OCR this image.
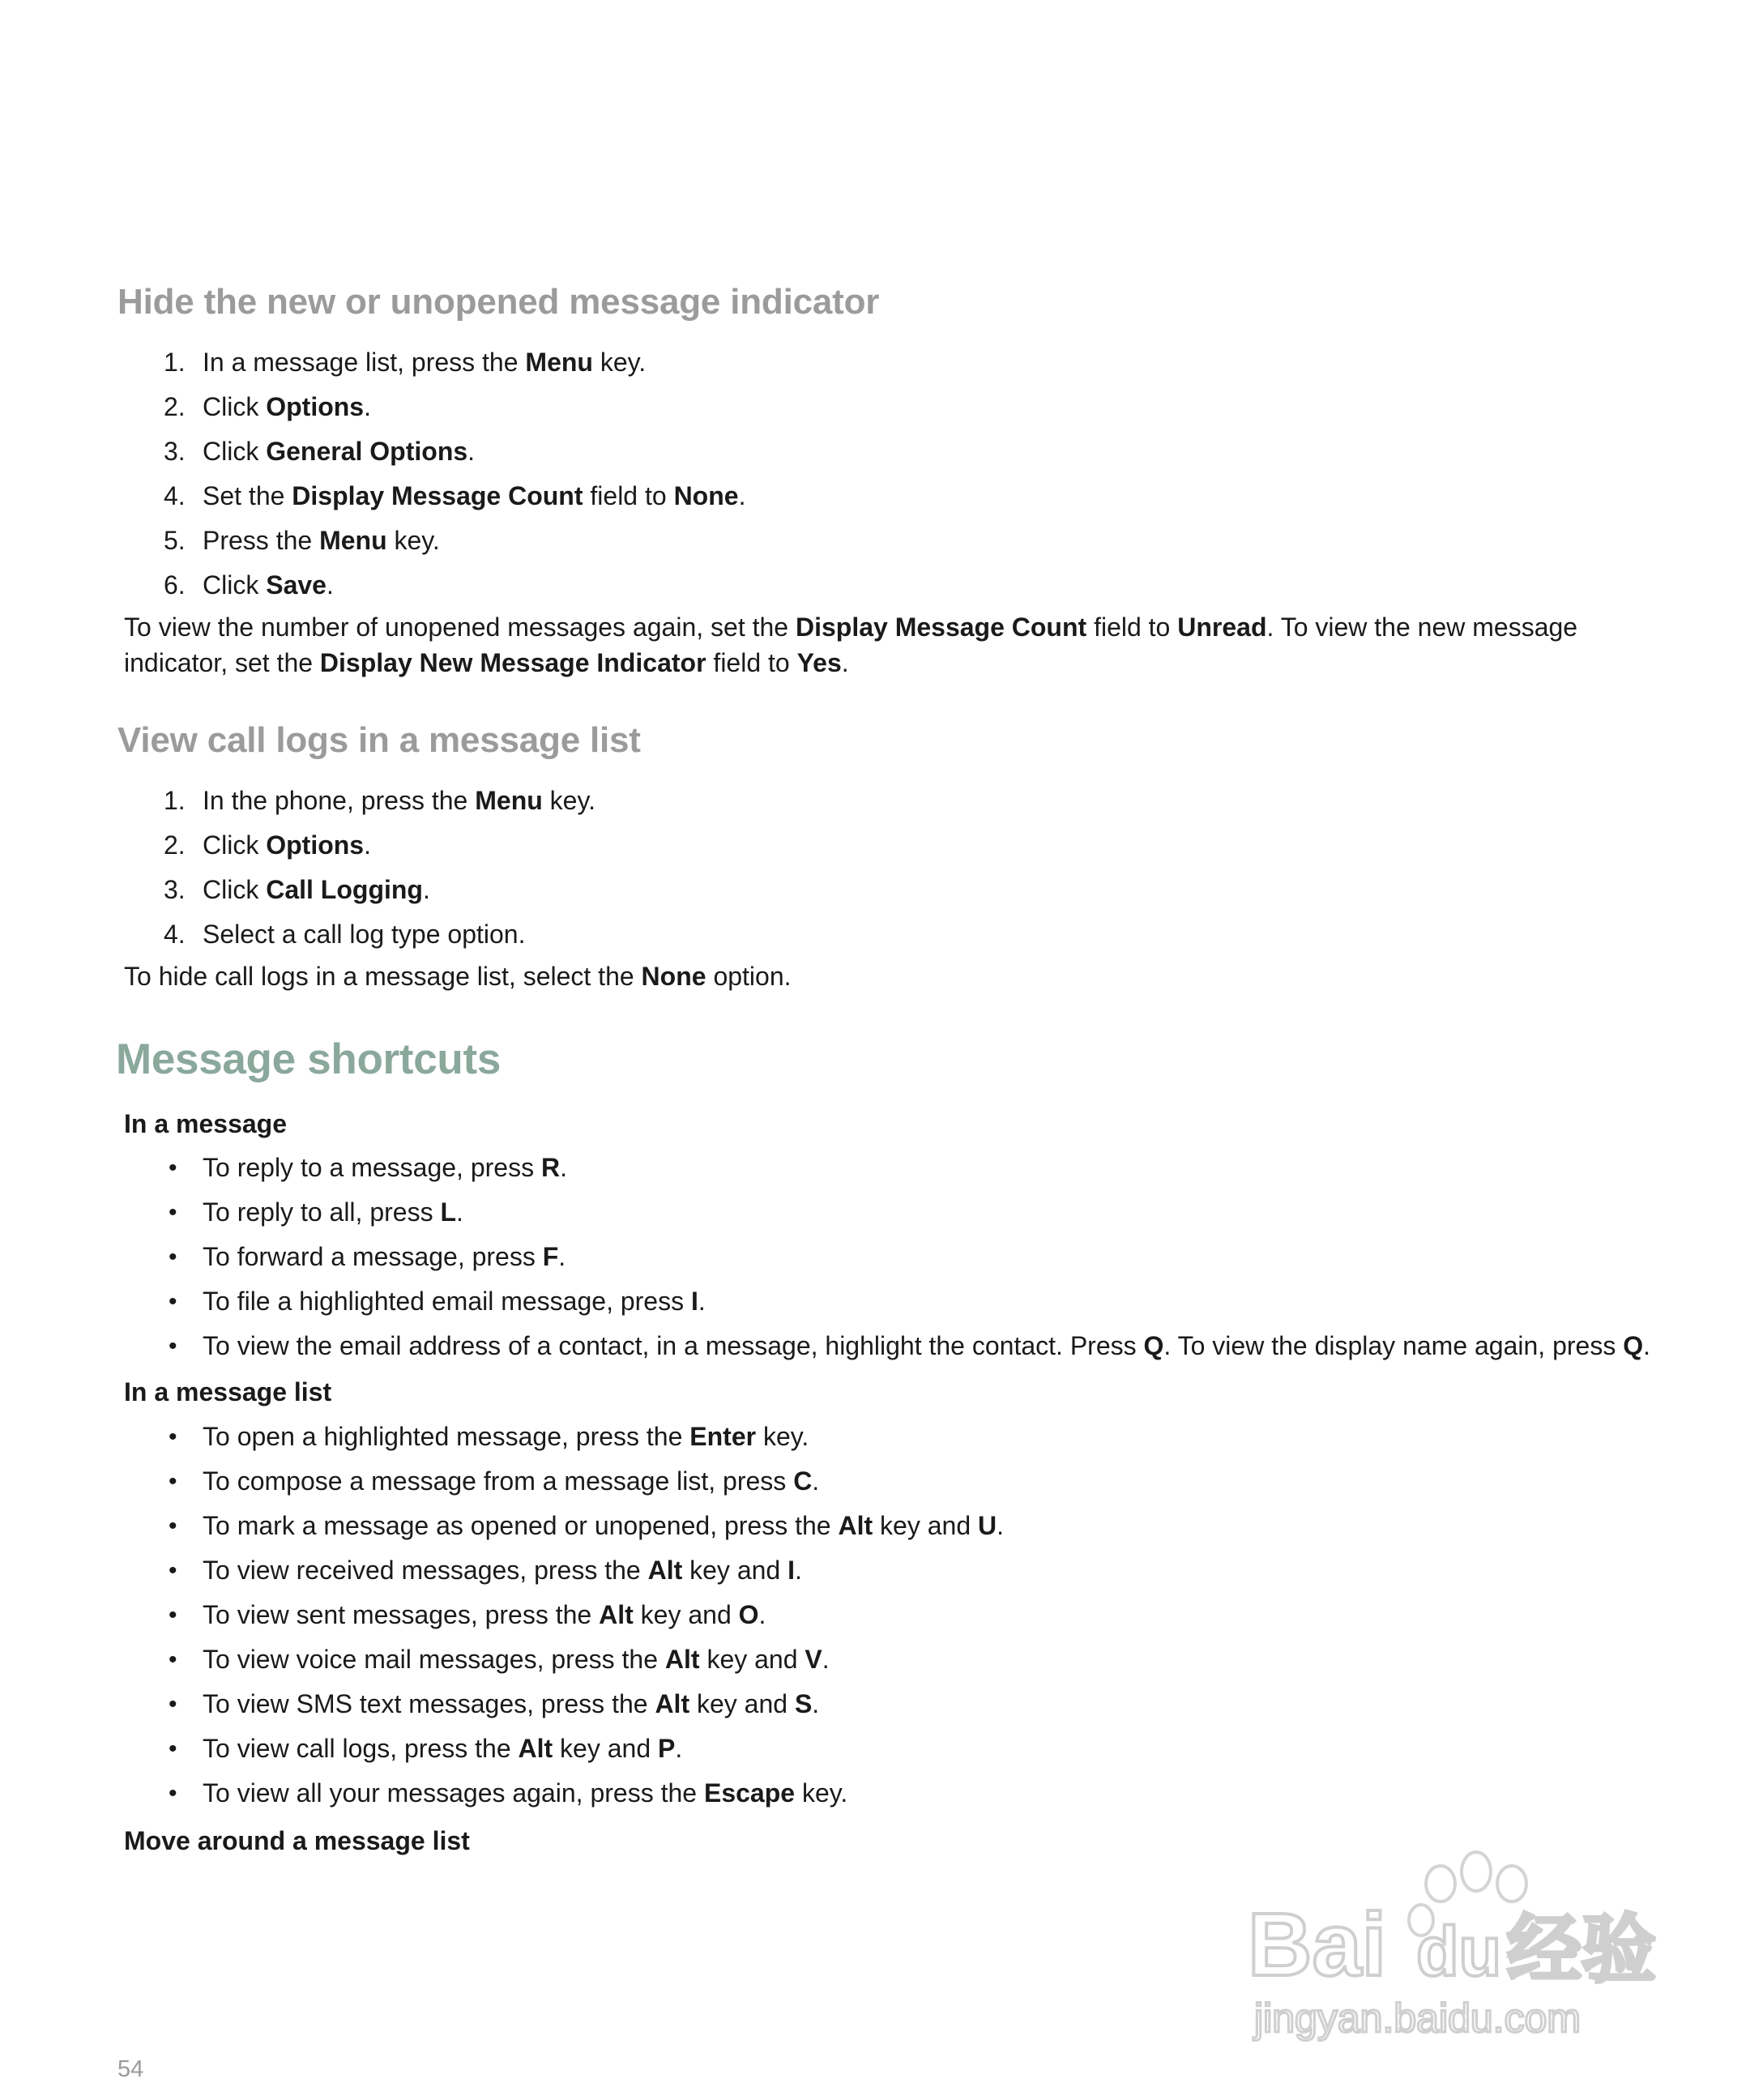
Hide the new or unopened message indicator
1. In a message list, press the Menu key.
2. Click Options.
3. Click General Options.
4. Set the Display Message Count field to None.
5. Press the Menu key.
6. Click Save.

To view the number of unopened messages again, set the Display Message Count field to Unread. To view the new message indicator, set the Display New Message Indicator field to Yes.

View call logs in a message list
1. In the phone, press the Menu key.
2. Click Options.
3. Click Call Logging.
4. Select a call log type option.

To hide call logs in a message list, select the None option.

Message shortcuts

In a message

• To reply to a message, press R.
• To reply to all, press L.
• To forward a message, press F.
• To file a highlighted email message, press I.
• To view the email address of a contact, in a message, highlight the contact. Press Q. To view the display name again, press Q.

In a message list

• To open a highlighted message, press the Enter key.
• To compose a message from a message list, press C.
• To mark a message as opened or unopened, press the Alt key and U.
• To view received messages, press the Alt key and I.
• To view sent messages, press the Alt key and O.
• To view voice mail messages, press the Alt key and V.
• To view SMS text messages, press the Alt key and S.
• To view call logs, press the Alt key and P.
• To view all your messages again, press the Escape key.

Move around a message list

Bai du 经验
jingyan.baidu.com
54
